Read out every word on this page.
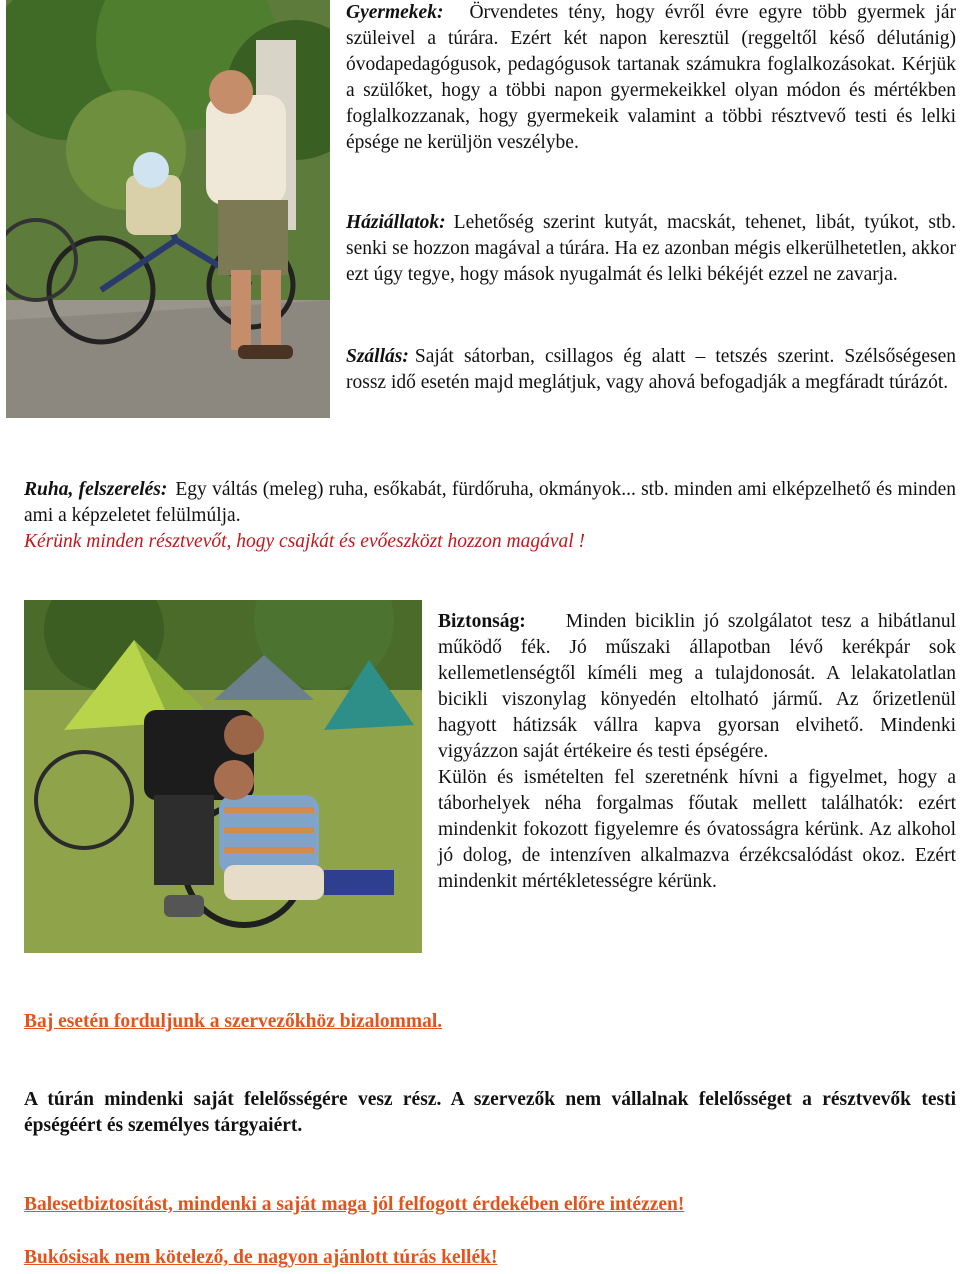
Gyermekek: Örvendetes tény, hogy évről évre egyre több gyermek jár szüleivel a túrára. Ezért két napon keresztül (reggeltől késő délutánig) óvodapedagógusok, pedagógusok tartanak számukra foglalkozásokat. Kérjük a szülőket, hogy a többi napon gyermekeikkel olyan módon és mértékben foglalkozzanak, hogy gyermekeik valamint a többi résztvevő testi és lelki épsége ne kerüljön veszélybe.

Háziállatok: Lehetőség szerint kutyát, macskát, tehenet, libát, tyúkot, stb. senki se hozzon magával a túrára. Ha ez azonban mégis elkerülhetetlen, akkor ezt úgy tegye, hogy mások nyugalmát és lelki békéjét ezzel ne zavarja.

Szállás: Saját sátorban, csillagos ég alatt – tetszés szerint. Szélsőségesen rossz idő esetén majd meglátjuk, vagy ahová befogadják a megfáradt túrázót.

Ruha, felszerelés: Egy váltás (meleg) ruha, esőkabát, fürdőruha, okmányok... stb. minden ami elképzelhető és minden ami a képzeletet felülmúlja.

Kérünk minden résztvevőt, hogy csajkát és evőeszközt hozzon magával !

Biztonság: Minden biciklin jó szolgálatot tesz a hibátlanul működő fék. Jó műszaki állapotban lévő kerékpár sok kellemetlenségtől kíméli meg a tulajdonosát. A lelakatolatlan bicikli viszonylag könyedén eltolható jármű. Az őrizetlenül hagyott hátizsák vállra kapva gyorsan elvihető. Mindenki vigyázzon saját értékeire és testi épségére.

Külön és ismételten fel szeretnénk hívni a figyelmet, hogy a táborhelyek néha forgalmas főutak mellett találhatók: ezért mindenkit fokozott figyelemre és óvatosságra kérünk. Az alkohol jó dolog, de intenzíven alkalmazva érzékcsalódást okoz. Ezért mindenkit mértékletességre kérünk.

Baj esetén forduljunk a szervezőkhöz bizalommal.

A túrán mindenki saját felelősségére vesz rész. A szervezők nem vállalnak felelősséget a résztvevők testi épségéért és személyes tárgyaiért.

Balesetbiztosítást, mindenki a saját maga jól felfogott érdekében előre intézzen!

Bukósisak nem kötelező, de nagyon ajánlott túrás kellék!
